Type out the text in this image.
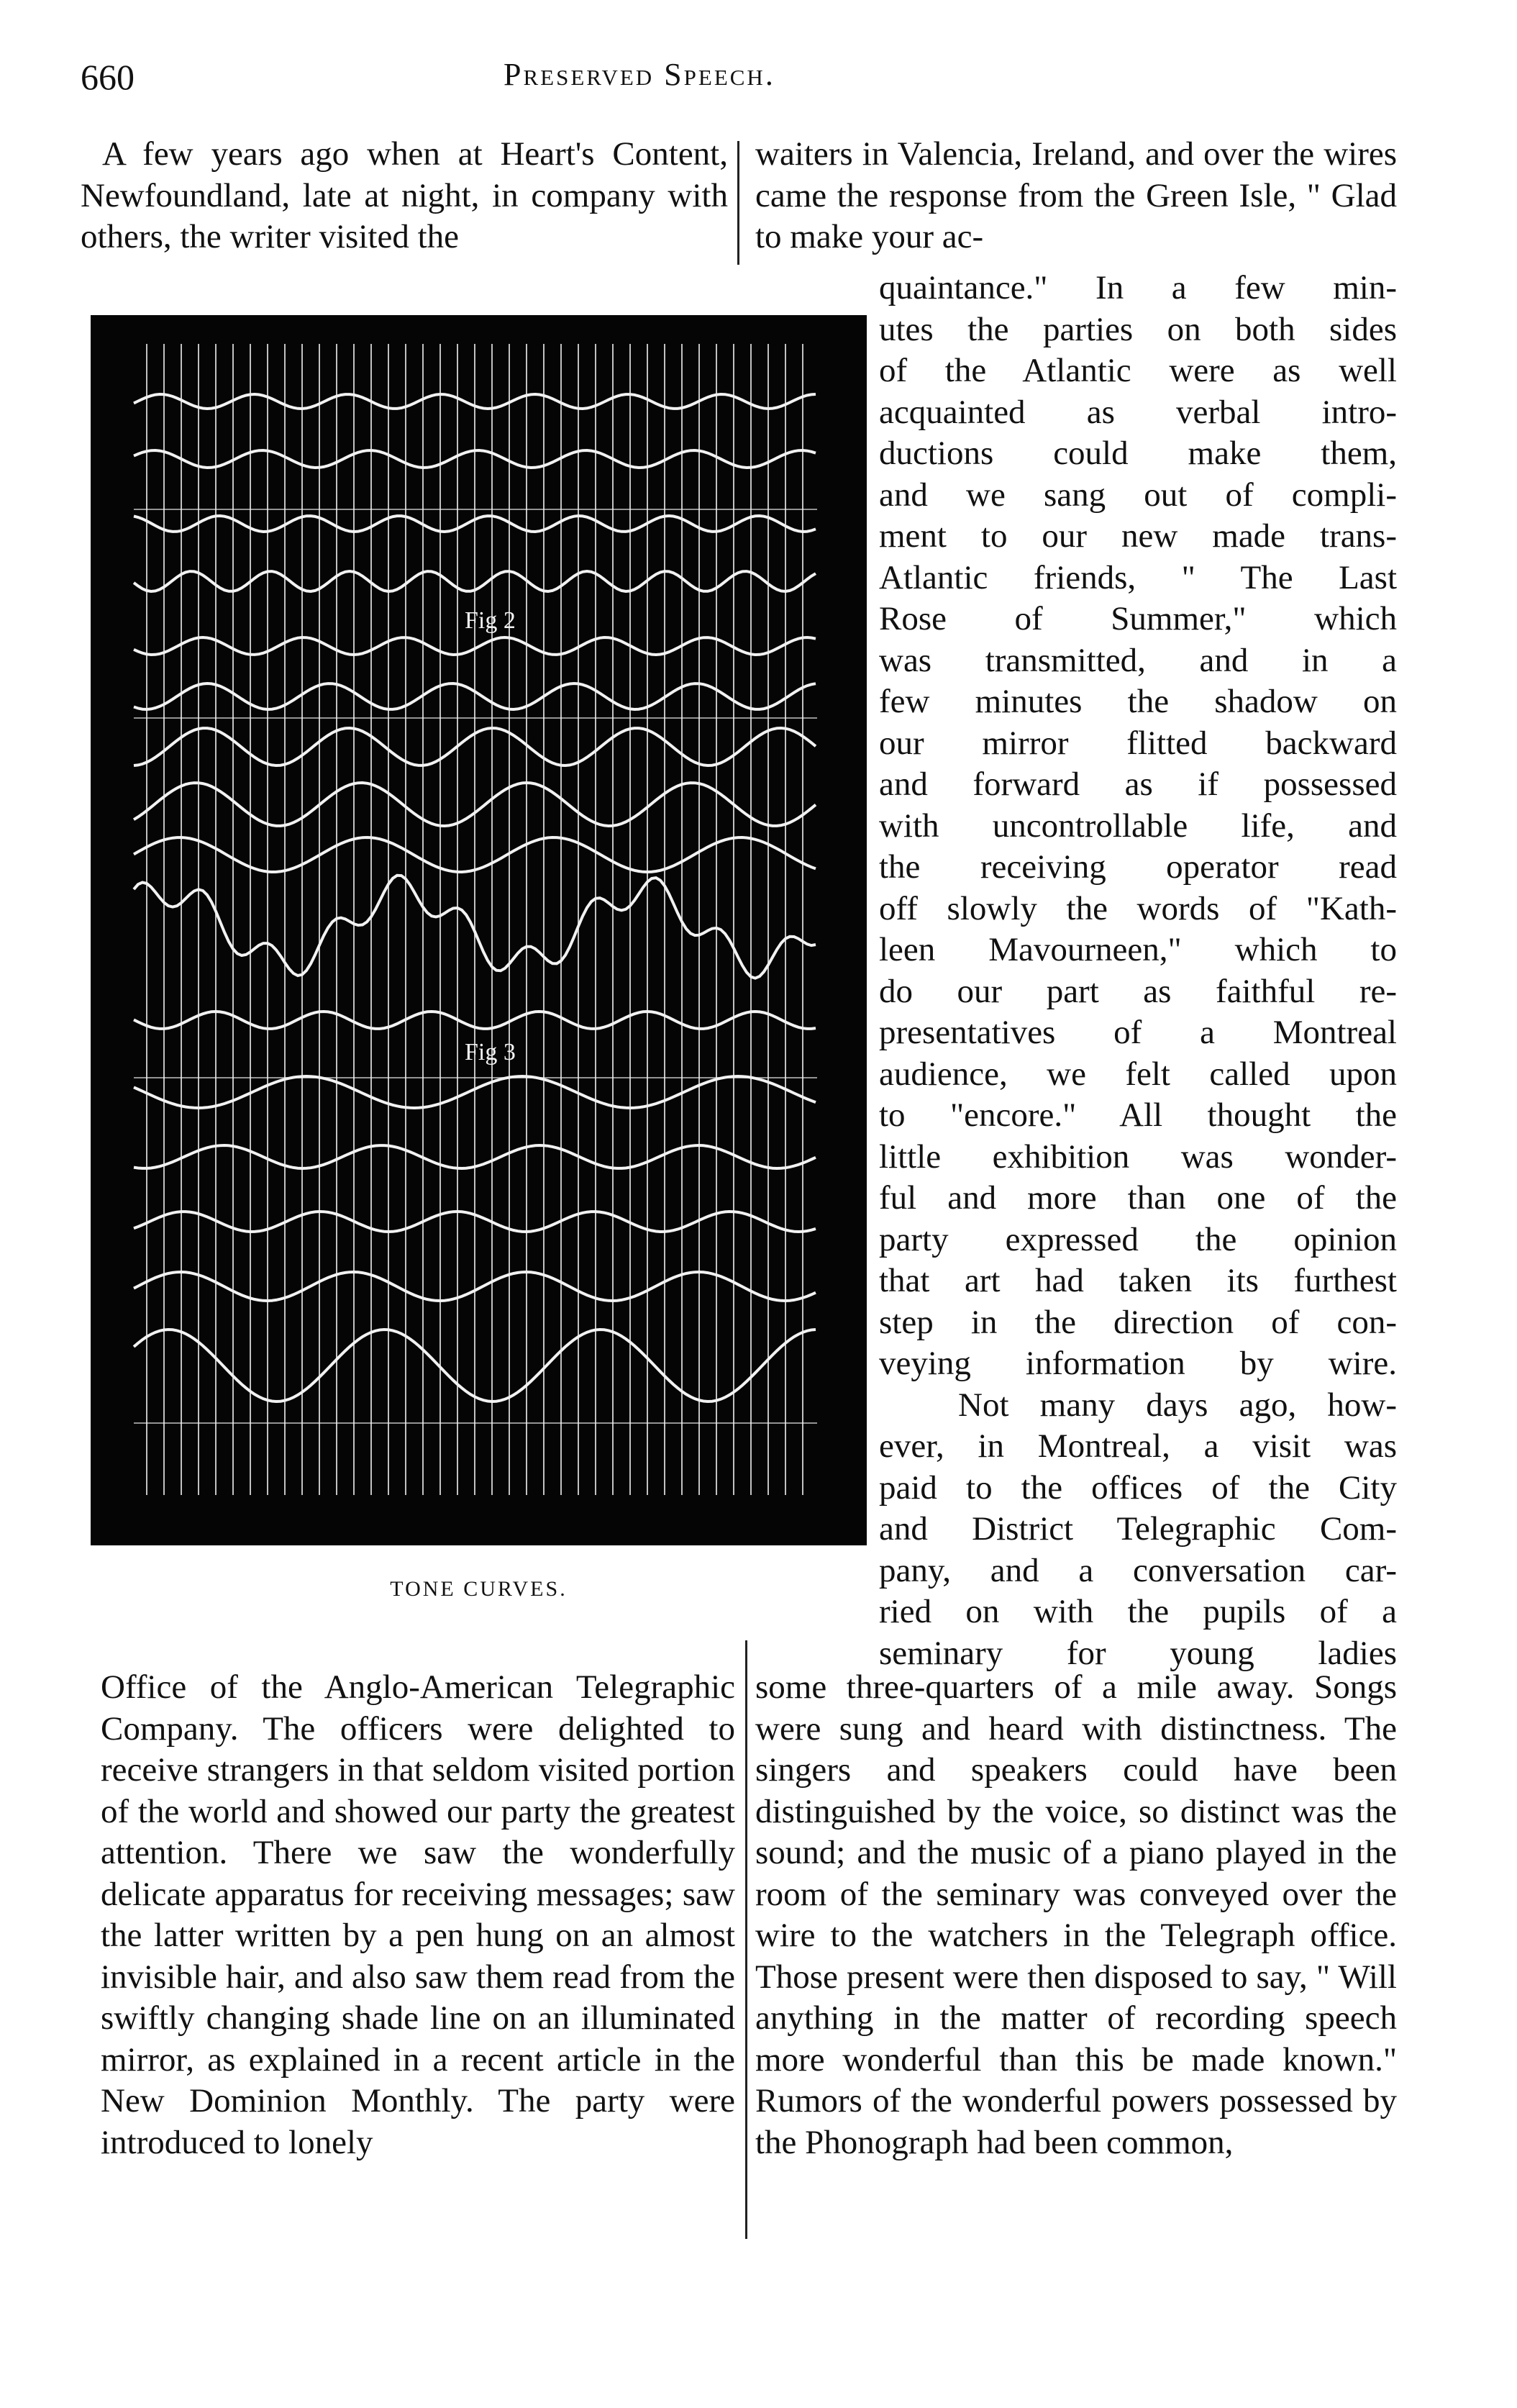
660	Preserved Speech.

A few years ago when at Heart's Content, Newfoundland, late at night, in company with others, the writer visited the

waiters in Valencia, Ireland, and over the wires came the response from the Green Isle, " Glad to make your ac-

Fig 2
Fig 3
TONE CURVES.
quaintance." In a few min-
utes the parties on both sides
of the Atlantic were as well
acquainted as verbal intro-
ductions could make them,
and we sang out of compli-
ment to our new made trans-
Atlantic friends, " The Last
Rose of Summer," which
was transmitted, and in a
few minutes the shadow on
our mirror flitted backward
and forward as if possessed
with uncontrollable life, and
the receiving operator read
off slowly the words of "Kath-
leen Mavourneen," which to
do our part as faithful re-
presentatives of a Montreal
audience, we felt called upon
to "encore." All thought the
little exhibition was wonder-
ful and more than one of the
party expressed the opinion
that art had taken its furthest
step in the direction of con-
veying information by wire.
Not many days ago, how-
ever, in Montreal, a visit was
paid to the offices of the City
and District Telegraphic Com-
pany, and a conversation car-
ried on with the pupils of a
seminary for young ladies

Office of the Anglo-American Telegraphic Company. The officers were delighted to receive strangers in that seldom visited portion of the world and showed our party the greatest attention. There we saw the wonderfully delicate apparatus for receiving messages; saw the latter written by a pen hung on an almost invisible hair, and also saw them read from the swiftly changing shade line on an illuminated mirror, as explained in a recent article in the New Dominion Monthly. The party were introduced to lonely

some three-quarters of a mile away. Songs were sung and heard with distinctness. The singers and speakers could have been distinguished by the voice, so distinct was the sound; and the music of a piano played in the room of the seminary was conveyed over the wire to the watchers in the Telegraph office. Those present were then disposed to say, " Will anything in the matter of recording speech more wonderful than this be made known." Rumors of the wonderful powers possessed by the Phonograph had been common,
